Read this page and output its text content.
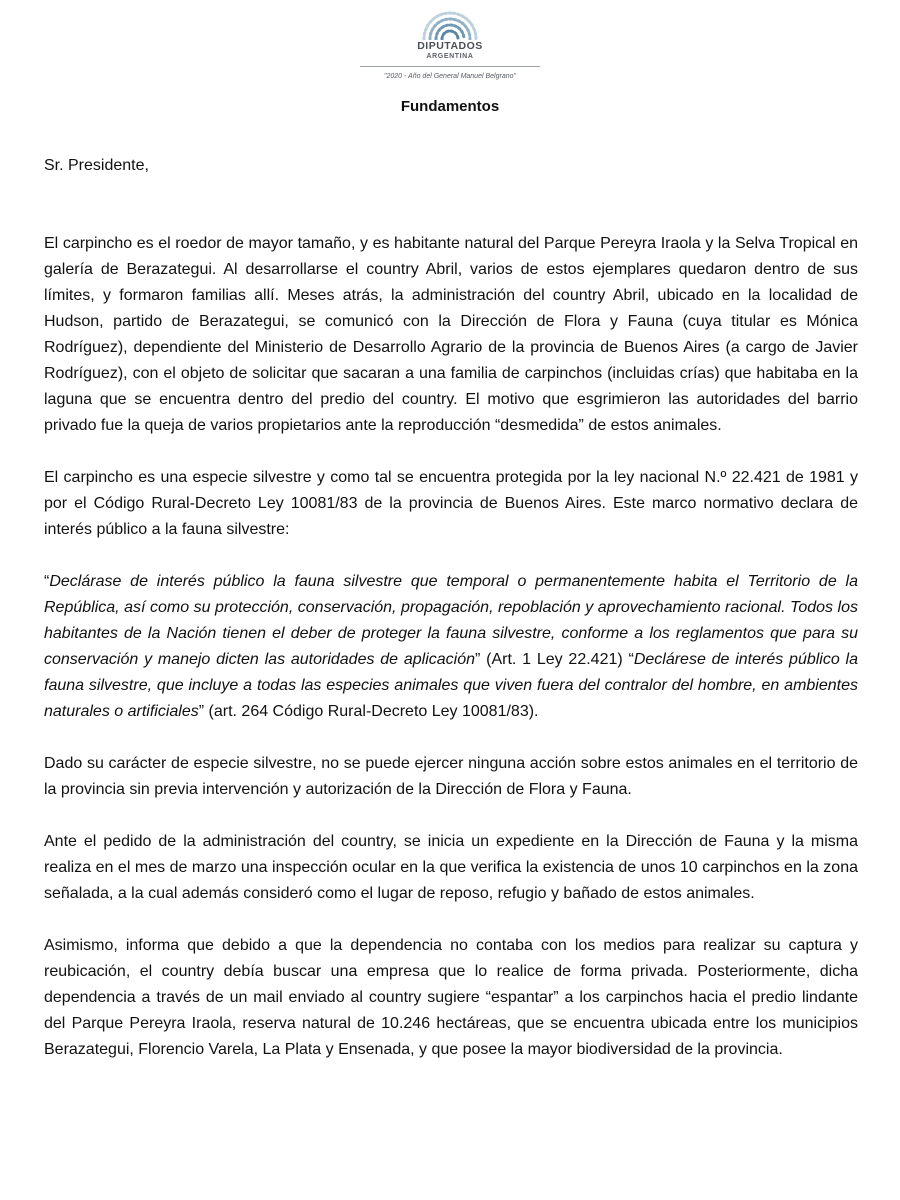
DIPUTADOS
ARGENTINA
"2020 - Año del General Manuel Belgrano"
Fundamentos

Sr. Presidente,

El carpincho es el roedor de mayor tamaño, y es habitante natural del Parque Pereyra Iraola y la Selva Tropical en galería de Berazategui. Al desarrollarse el country Abril, varios de estos ejemplares quedaron dentro de sus límites, y formaron familias allí. Meses atrás, la administración del country Abril, ubicado en la localidad de Hudson, partido de Berazategui, se comunicó con la Dirección de Flora y Fauna (cuya titular es Mónica Rodríguez), dependiente del Ministerio de Desarrollo Agrario de la provincia de Buenos Aires (a cargo de Javier Rodríguez), con el objeto de solicitar que sacaran a una familia de carpinchos (incluidas crías) que habitaba en la laguna que se encuentra dentro del predio del country. El motivo que esgrimieron las autoridades del barrio privado fue la queja de varios propietarios ante la reproducción “desmedida” de estos animales.

El carpincho es una especie silvestre y como tal se encuentra protegida por la ley nacional N.º 22.421 de 1981 y por el Código Rural-Decreto Ley 10081/83 de la provincia de Buenos Aires. Este marco normativo declara de interés público a la fauna silvestre:

“Declárase de interés público la fauna silvestre que temporal o permanentemente habita el Territorio de la República, así como su protección, conservación, propagación, repoblación y aprovechamiento racional. Todos los habitantes de la Nación tienen el deber de proteger la fauna silvestre, conforme a los reglamentos que para su conservación y manejo dicten las autoridades de aplicación” (Art. 1 Ley 22.421) “Declárese de interés público la fauna silvestre, que incluye a todas las especies animales que viven fuera del contralor del hombre, en ambientes naturales o artificiales” (art. 264 Código Rural-Decreto Ley 10081/83).

Dado su carácter de especie silvestre, no se puede ejercer ninguna acción sobre estos animales en el territorio de la provincia sin previa intervención y autorización de la Dirección de Flora y Fauna.

Ante el pedido de la administración del country, se inicia un expediente en la Dirección de Fauna y la misma realiza en el mes de marzo una inspección ocular en la que verifica la existencia de unos 10 carpinchos en la zona señalada, a la cual además consideró como el lugar de reposo, refugio y bañado de estos animales.

Asimismo, informa que debido a que la dependencia no contaba con los medios para realizar su captura y reubicación, el country debía buscar una empresa que lo realice de forma privada. Posteriormente, dicha dependencia a través de un mail enviado al country sugiere “espantar” a los carpinchos hacia el predio lindante del Parque Pereyra Iraola, reserva natural de 10.246 hectáreas, que se encuentra ubicada entre los municipios Berazategui, Florencio Varela, La Plata y Ensenada, y que posee la mayor biodiversidad de la provincia.
